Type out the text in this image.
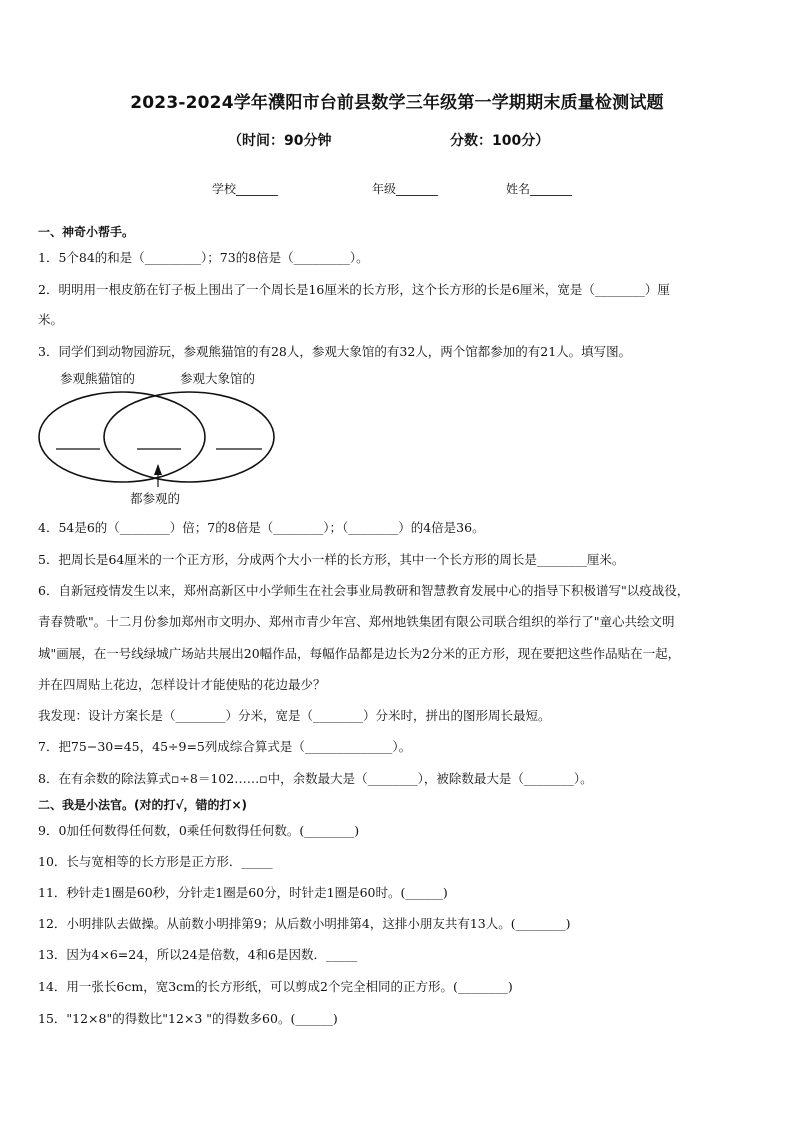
2023-2024学年濮阳市台前县数学三年级第一学期期末质量检测试题
（时间：90分钟	分数：100分）
学校_______	年级_______	姓名_______
一、神奇小帮手。
1．5个84的和是（_________）；73的8倍是（_________）。
2．明明用一根皮筋在钉子板上围出了一个周长是16厘米的长方形，这个长方形的长是6厘米，宽是（________）厘
米。
3．同学们到动物园游玩，参观熊猫馆的有28人，参观大象馆的有32人，两个馆都参加的有21人。填写图。
参观熊猫馆的	参观大象馆的
都参观的
4．54是6的（________）倍；7的8倍是（________）；（________）的4倍是36。
5．把周长是64厘米的一个正方形，分成两个大小一样的长方形，其中一个长方形的周长是________厘米。
6．自新冠疫情发生以来，郑州高新区中小学师生在社会事业局教研和智慧教育发展中心的指导下积极谱写"以疫战役，
青春赞歌"。十二月份参加郑州市文明办、郑州市青少年宫、郑州地铁集团有限公司联合组织的举行了"童心共绘文明
城"画展，在一号线绿城广场站共展出20幅作品，每幅作品都是边长为2分米的正方形，现在要把这些作品贴在一起，
并在四周贴上花边，怎样设计才能使贴的花边最少？
我发现：设计方案长是（________）分米，宽是（________）分米时，拼出的图形周长最短。
7．把75−30=45，45÷9=5列成综合算式是（______________）。
8．在有余数的除法算式▫÷8＝102……▫中，余数最大是（________），被除数最大是（________）。
二、我是小法官。(对的打√，错的打×)
9．0加任何数得任何数，0乘任何数得任何数。(________)
10．长与宽相等的长方形是正方形．_____
11．秒针走1圈是60秒，分针走1圈是60分，时针走1圈是60时。(______)
12．小明排队去做操。从前数小明排第9；从后数小明排第4，这排小朋友共有13人。(________)
13．因为4×6=24，所以24是倍数，4和6是因数．_____
14．用一张长6cm，宽3cm的长方形纸，可以剪成2个完全相同的正方形。(________)
15．"12×8"的得数比"12×3 "的得数多60。(______)
